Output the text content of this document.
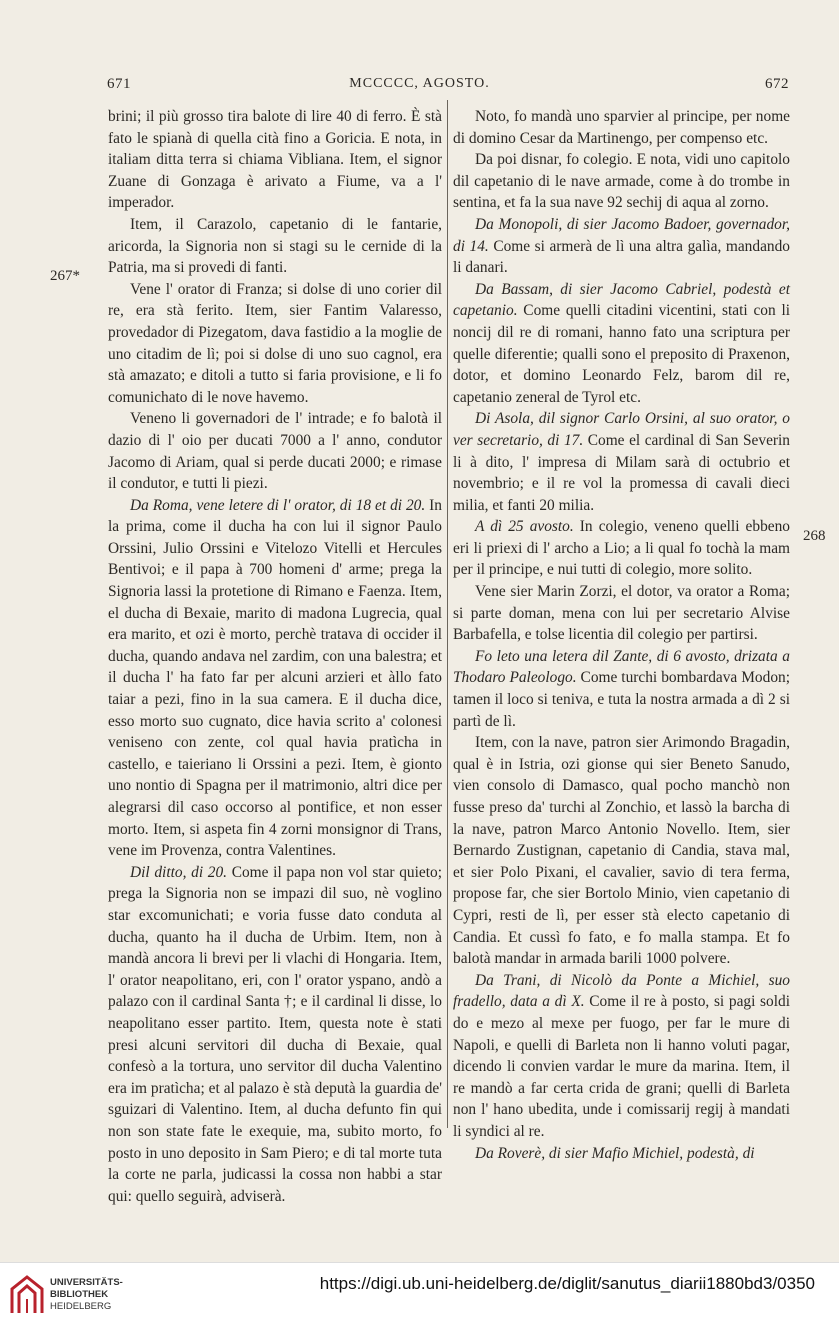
671	MCCCCC, AGOSTO.	672
267*
268

brini; il più grosso tira balote di lire 40 di ferro. È stà fato le spianà di quella cità fino a Goricia. E nota, in italiam ditta terra si chiama Vibliana. Item, el signor Zuane di Gonzaga è arivato a Fiume, va a l' imperador.

Item, il Carazolo, capetanio di le fantarie, aricorda, la Signoria non si stagi su le cernide di la Patria, ma si provedi di fanti.

Vene l' orator di Franza; si dolse di uno corier dil re, era stà ferito. Item, sier Fantim Valaresso, provedador di Pizegatom, dava fastidio a la moglie de uno citadim de lì; poi si dolse di uno suo cagnol, era stà amazato; e ditoli a tutto si faria provisione, e li fo comunichato di le nove havemo.

Veneno li governadori de l' intrade; e fo balotà il dazio di l' oio per ducati 7000 a l' anno, condutor Jacomo di Ariam, qual si perde ducati 2000; e rimase il condutor, e tutti li piezi.

Da Roma, vene letere di l' orator, di 18 et di 20. In la prima, come il ducha ha con lui il signor Paulo Orssini, Julio Orssini e Vitelozo Vitelli et Hercules Bentivoi; e il papa à 700 homeni d' arme; prega la Signoria lassi la protetione di Rimano e Faenza. Item, el ducha di Bexaie, marito di madona Lugrecia, qual era marito, et ozi è morto, perchè tratava di occider il ducha, quando andava nel zardim, con una balestra; et il ducha l' ha fato far per alcuni arzieri et àllo fato taiar a pezi, fino in la sua camera. E il ducha dice, esso morto suo cugnato, dice havia scrito a' colonesi veniseno con zente, col qual havia pratìcha in castello, e taieriano li Orssini a pezi. Item, è gionto uno nontio di Spagna per il matrimonio, altri dice per alegrarsi dil caso occorso al pontifice, et non esser morto. Item, si aspeta fin 4 zorni monsignor di Trans, vene im Provenza, contra Valentines.

Dil ditto, di 20. Come il papa non vol star quieto; prega la Signoria non se impazi dil suo, nè voglino star excomunichati; e voria fusse dato conduta al ducha, quanto ha il ducha de Urbim. Item, non à mandà ancora li brevi per li vlachi di Hongaria. Item, l' orator neapolitano, eri, con l' orator yspano, andò a palazo con il cardinal Santa †; e il cardinal li disse, lo neapolitano esser partito. Item, questa note è stati presi alcuni servitori dil ducha di Bexaie, qual confesò a la tortura, uno servitor dil ducha Valentino era im pratìcha; et al palazo è stà deputà la guardia de' sguizari di Valentino. Item, al ducha defunto fin qui non son state fate le exequie, ma, subito morto, fo posto in uno deposito in Sam Piero; e di tal morte tuta la corte ne parla, judicassi la cossa non habbi a star qui: quello seguirà, adviserà.

Noto, fo mandà uno sparvier al principe, per nome di domino Cesar da Martinengo, per compenso etc.

Da poi disnar, fo colegio. E nota, vidi uno capitolo dil capetanio di le nave armade, come à do trombe in sentina, et fa la sua nave 92 sechij di aqua al zorno.

Da Monopoli, di sier Jacomo Badoer, governador, di 14. Come si armerà de lì una altra galìa, mandando li danari.

Da Bassam, di sier Jacomo Cabriel, podestà et capetanio. Come quelli citadini vicentini, stati con li noncij dil re di romani, hanno fato una scriptura per quelle diferentie; qualli sono el preposito di Praxenon, dotor, et domino Leonardo Felz, barom dil re, capetanio zeneral de Tyrol etc.

Di Asola, dil signor Carlo Orsini, al suo orator, o ver secretario, di 17. Come el cardinal di San Severin li à dito, l' impresa di Milam sarà di octubrio et novembrio; e il re vol la promessa di cavali dieci milia, et fanti 20 milia.

A dì 25 avosto. In colegio, veneno quelli ebbeno eri li priexi di l' archo a Lio; a li qual fo tochà la mam per il principe, e nui tutti di colegio, more solito.

Vene sier Marin Zorzi, el dotor, va orator a Roma; si parte doman, mena con lui per secretario Alvise Barbafella, e tolse licentia dil colegio per partirsi.

Fo leto una letera dil Zante, di 6 avosto, drizata a Thodaro Paleologo. Come turchi bombardava Modon; tamen il loco si teniva, e tuta la nostra armada a dì 2 si partì de lì.

Item, con la nave, patron sier Arimondo Bragadin, qual è in Istria, ozi gionse qui sier Beneto Sanudo, vien consolo di Damasco, qual pocho manchò non fusse preso da' turchi al Zonchio, et lassò la barcha di la nave, patron Marco Antonio Novello. Item, sier Bernardo Zustignan, capetanio di Candia, stava mal, et sier Polo Pixani, el cavalier, savio di tera ferma, propose far, che sier Bortolo Minio, vien capetanio di Cypri, resti de lì, per esser stà electo capetanio di Candia. Et cussì fo fato, e fo malla stampa. Et fo balotà mandar in armada barili 1000 polvere.

Da Trani, di Nicolò da Ponte a Michiel, suo fradello, data a dì X. Come il re à posto, si pagi soldi do e mezo al mexe per fuogo, per far le mure di Napoli, e quelli di Barleta non li hanno voluti pagar, dicendo li convien vardar le mure da marina. Item, il re mandò a far certa crida de grani; quelli di Barleta non l' hano ubedita, unde i comissarij regij à mandati li syndici al re.

Da Roverè, di sier Mafio Michiel, podestà, di

UNIVERSITÄTS-
BIBLIOTHEK
HEIDELBERG
https://digi.ub.uni-heidelberg.de/diglit/sanutus_diarii1880bd3/0350
